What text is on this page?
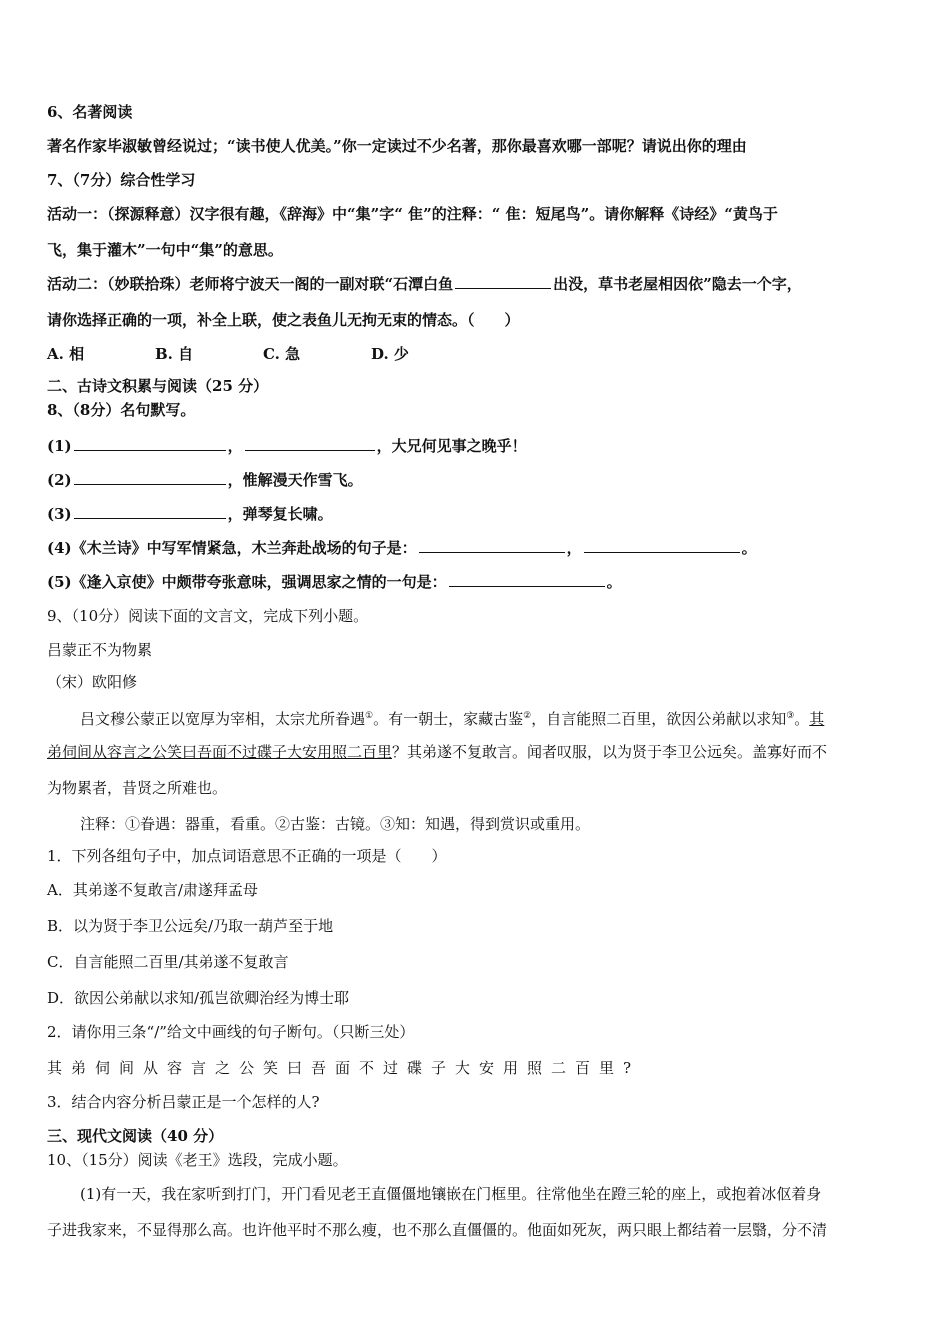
6、名著阅读
著名作家毕淑敏曾经说过；“读书使人优美。”你一定读过不少名著，那你最喜欢哪一部呢？请说出你的理由
7、（7分）综合性学习
活动一：（探源释意）汉字很有趣，《辞海》中“集”字“ 隹”的注释：“ 隹：短尾鸟”。请你解释《诗经》“黄鸟于
飞，集于灌木”一句中“集”的意思。
活动二：（妙联拾珠）老师将宁波天一阁的一副对联“石潭白鱼	出没，草书老屋相因依”隐去一个字，
请你选择正确的一项，补全上联，使之表鱼儿无拘无束的情态。（　　）
A. 相	B. 自	C. 急	D. 少
二、古诗文积累与阅读（25 分）
8、（8分）名句默写。
(1)	，	，大兄何见事之晚乎！
(2)	，惟解漫天作雪飞。
(3)	，弹琴复长啸。
(4)《木兰诗》中写军情紧急，木兰奔赴战场的句子是：	，	。
(5)《逢入京使》中颇带夸张意味，强调思家之情的一句是：	。
9、（10分）阅读下面的文言文，完成下列小题。
吕蒙正不为物累
（宋）欧阳修
吕文穆公蒙正以宽厚为宰相，太宗尤所眷遇①。有一朝士，家藏古鉴②，自言能照二百里，欲因公弟献以求知③。其
弟伺间从容言之公笑曰吾面不过碟子大安用照二百里？其弟遂不复敢言。闻者叹服，以为贤于李卫公远矣。盖寡好而不
为物累者，昔贤之所难也。
注释：①眷遇：器重，看重。②古鉴：古镜。③知：知遇，得到赏识或重用。
1．下列各组句子中，加点词语意思不正确的一项是（　　）
A．其弟遂不复敢言/肃遂拜孟母
B．以为贤于李卫公远矣/乃取一葫芦至于地
C．自言能照二百里/其弟遂不复敢言
D．欲因公弟献以求知/孤岂欲卿治经为博士耶
2．请你用三条“/”给文中画线的句子断句。（只断三处）
其弟伺间从容言之公笑曰吾面不过碟子大安用照二百里?
3．结合内容分析吕蒙正是一个怎样的人?
三、现代文阅读（40 分）
10、（15分）阅读《老王》选段，完成小题。
(1)有一天，我在家听到打门，开门看见老王直僵僵地镶嵌在门框里。往常他坐在蹬三轮的座上，或抱着冰伛着身
子进我家来，不显得那么高。也许他平时不那么瘦，也不那么直僵僵的。他面如死灰，两只眼上都结着一层翳，分不清
